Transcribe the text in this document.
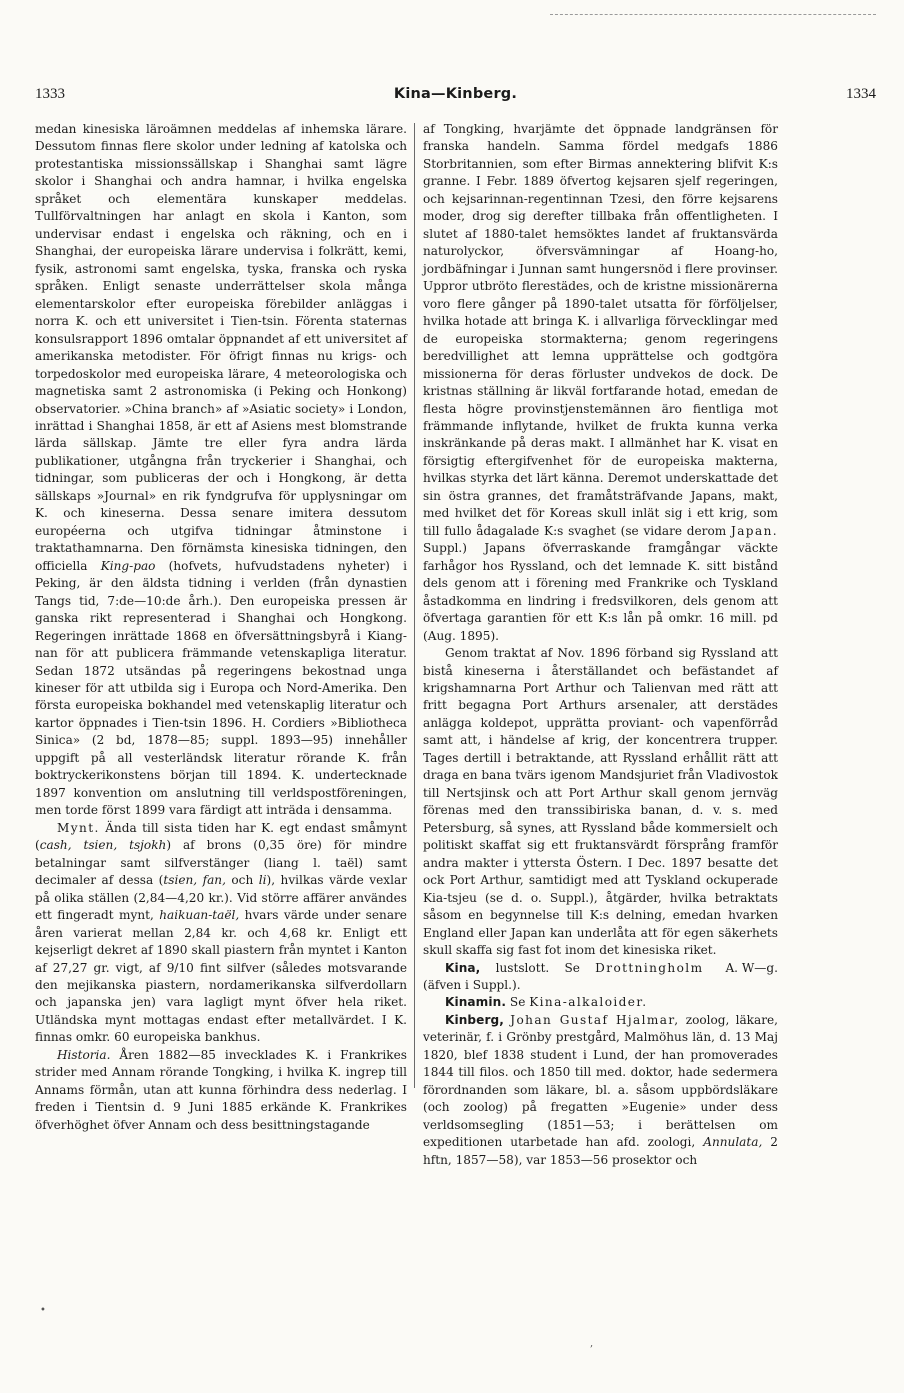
1333	Kina—Kinberg.	1334

medan kinesiska läroämnen meddelas af inhemska lärare. Dessutom finnas flere skolor under ledning af katolska och protestantiska missionssällskap i Shanghai samt lägre skolor i Shanghai och andra hamnar, i hvilka engelska språket och elementära kunskaper meddelas. Tullförvaltningen har anlagt en skola i Kanton, som undervisar endast i engelska och räkning, och en i Shanghai, der europeiska lärare undervisa i folkrätt, kemi, fysik, astronomi samt engelska, tyska, franska och ryska språken. Enligt senaste underrättelser skola många elementarskolor efter europeiska förebilder anläggas i norra K. och ett universitet i Tien-tsin. Förenta staternas konsulsrapport 1896 omtalar öppnandet af ett universitet af amerikanska metodister. För öfrigt finnas nu krigs- och torpedoskolor med europeiska lärare, 4 meteorologiska och magnetiska samt 2 astronomiska (i Peking och Honkong) observatorier. »China branch» af »Asiatic society» i London, inrättad i Shanghai 1858, är ett af Asiens mest blomstrande lärda sällskap. Jämte tre eller fyra andra lärda publikationer, utgångna från tryckerier i Shanghai, och tidningar, som publiceras der och i Hongkong, är detta sällskaps »Journal» en rik fyndgrufva för upplysningar om K. och kineserna. Dessa senare imitera dessutom européerna och utgifva tidningar åtminstone i traktathamnarna. Den förnämsta kinesiska tidningen, den officiella King-pao (hofvets, hufvudstadens nyheter) i Peking, är den äldsta tidning i verlden (från dynastien Tangs tid, 7:de—10:de årh.). Den europeiska pressen är ganska rikt representerad i Shanghai och Hongkong. Regeringen inrättade 1868 en öfversättningsbyrå i Kiang-nan för att publicera främmande vetenskapliga literatur. Sedan 1872 utsändas på regeringens bekostnad unga kineser för att utbilda sig i Europa och Nord-Amerika. Den första europeiska bokhandel med vetenskaplig literatur och kartor öppnades i Tien-tsin 1896. H. Cordiers »Bibliotheca Sinica» (2 bd, 1878—85; suppl. 1893—95) innehåller uppgift på all vesterländsk literatur rörande K. från boktryckerikonstens början till 1894. K. undertecknade 1897 konvention om anslutning till verldspostföreningen, men torde först 1899 vara färdigt att inträda i densamma.

Mynt. Ända till sista tiden har K. egt endast småmynt (cash, tsien, tsjokh) af brons (0,35 öre) för mindre betalningar samt silfverstänger (liang l. taël) samt decimaler af dessa (tsien, fan, och li), hvilkas värde vexlar på olika ställen (2,84—4,20 kr.). Vid större affärer användes ett fingeradt mynt, haikuan-taël, hvars värde under senare åren varierat mellan 2,84 kr. och 4,68 kr. Enligt ett kejserligt dekret af 1890 skall piastern från myntet i Kanton af 27,27 gr. vigt, af 9/10 fint silfver (således motsvarande den mejikanska piastern, nordamerikanska silfverdollarn och japanska jen) vara lagligt mynt öfver hela riket. Utländska mynt mottagas endast efter metallvärdet. I K. finnas omkr. 60 europeiska bankhus.

Historia. Åren 1882—85 invecklades K. i Frankrikes strider med Annam rörande Tongking, i hvilka K. ingrep till Annams förmån, utan att kunna förhindra dess nederlag. I freden i Tientsin d. 9 Juni 1885 erkände K. Frankrikes öfverhöghet öfver Annam och dess besittningstagande

af Tongking, hvarjämte det öppnade landgränsen för franska handeln. Samma fördel medgafs 1886 Storbritannien, som efter Birmas annektering blifvit K:s granne. I Febr. 1889 öfvertog kejsaren sjelf regeringen, och kejsarinnan-regentinnan Tzesi, den förre kejsarens moder, drog sig derefter tillbaka från offentligheten. I slutet af 1880-talet hemsöktes landet af fruktansvärda naturolyckor, öfversvämningar af Hoang-ho, jordbäfningar i Junnan samt hungersnöd i flere provinser. Uppror utbröto flerestädes, och de kristne missionärerna voro flere gånger på 1890-talet utsatta för förföljelser, hvilka hotade att bringa K. i allvarliga förvecklingar med de europeiska stormakterna; genom regeringens beredvillighet att lemna upprättelse och godtgöra missionerna för deras förluster undvekos de dock. De kristnas ställning är likväl fortfarande hotad, emedan de flesta högre provinstjenstemännen äro fientliga mot främmande inflytande, hvilket de frukta kunna verka inskränkande på deras makt. I allmänhet har K. visat en försigtig eftergifvenhet för de europeiska makterna, hvilkas styrka det lärt känna. Deremot underskattade det sin östra grannes, det framåtsträfvande Japans, makt, med hvilket det för Koreas skull inlät sig i ett krig, som till fullo ådagalade K:s svaghet (se vidare derom Japan. Suppl.) Japans öfverraskande framgångar väckte farhågor hos Ryssland, och det lemnade K. sitt bistånd dels genom att i förening med Frankrike och Tyskland åstadkomma en lindring i fredsvilkoren, dels genom att öfvertaga garantien för ett K:s lån på omkr. 16 mill. pd (Aug. 1895).

Genom traktat af Nov. 1896 förband sig Ryssland att bistå kineserna i återställandet och befästandet af krigshamnarna Port Arthur och Talienvan med rätt att fritt begagna Port Arthurs arsenaler, att derstädes anlägga koldepot, upprätta proviant- och vapenförråd samt att, i händelse af krig, der koncentrera trupper. Tages dertill i betraktande, att Ryssland erhållit rätt att draga en bana tvärs igenom Mandsjuriet från Vladivostok till Nertsjinsk och att Port Arthur skall genom jernväg förenas med den transsibiriska banan, d. v. s. med Petersburg, så synes, att Ryssland både kommersielt och politiskt skaffat sig ett fruktansvärdt försprång framför andra makter i yttersta Östern. I Dec. 1897 besatte det ock Port Arthur, samtidigt med att Tyskland ockuperade Kia-tsjeu (se d. o. Suppl.), åtgärder, hvilka betraktats såsom en begynnelse till K:s delning, emedan hvarken England eller Japan kan underlåta att för egen säkerhets skull skaffa sig fast fot inom det kinesiska riket.
A. W—g.

Kina, lustslott. Se Drottningholm (äfven i Suppl.).

Kinamin. Se Kina-alkaloider.

Kinberg, Johan Gustaf Hjalmar, zoolog, läkare, veterinär, f. i Grönby prestgård, Malmöhus län, d. 13 Maj 1820, blef 1838 student i Lund, der han promoverades 1844 till filos. och 1850 till med. doktor, hade sedermera förordnanden som läkare, bl. a. såsom uppbördsläkare (och zoolog) på fregatten »Eugenie» under dess verldsomsegling (1851—53; i berättelsen om expeditionen utarbetade han afd. zoologi, Annulata, 2 hftn, 1857—58), var 1853—56 prosektor och

•
,
